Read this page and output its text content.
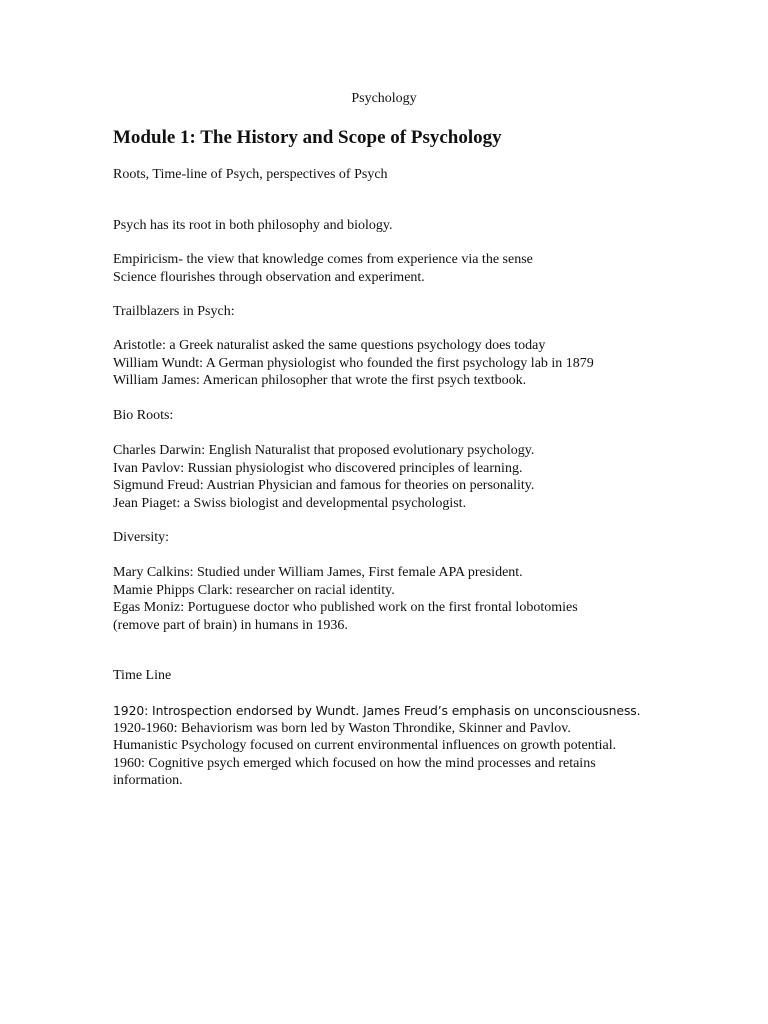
Psychology
Module 1: The History and Scope of Psychology
Roots, Time-line of Psych, perspectives of Psych
Psych has its root in both philosophy and biology.
Empiricism- the view that knowledge comes from experience via the sense
Science flourishes through observation and experiment.
Trailblazers in Psych:
Aristotle: a Greek naturalist asked the same questions psychology does today
William Wundt: A German physiologist who founded the first psychology lab in 1879
William James: American philosopher that wrote the first psych textbook.
Bio Roots:
Charles Darwin: English Naturalist that proposed evolutionary psychology.
Ivan Pavlov: Russian physiologist who discovered principles of learning.
Sigmund Freud: Austrian Physician and famous for theories on personality.
Jean Piaget: a Swiss biologist and developmental psychologist.
Diversity:
Mary Calkins: Studied under William James, First female APA president.
Mamie Phipps Clark: researcher on racial identity.
Egas Moniz: Portuguese doctor who published work on the first frontal lobotomies
(remove part of brain) in humans in 1936.
Time Line
1920: Introspection endorsed by Wundt. James Freud’s emphasis on unconsciousness.
1920-1960: Behaviorism was born led by Waston Throndike, Skinner and Pavlov.
Humanistic Psychology focused on current environmental influences on growth potential.
1960: Cognitive psych emerged which focused on how the mind processes and retains
information.
